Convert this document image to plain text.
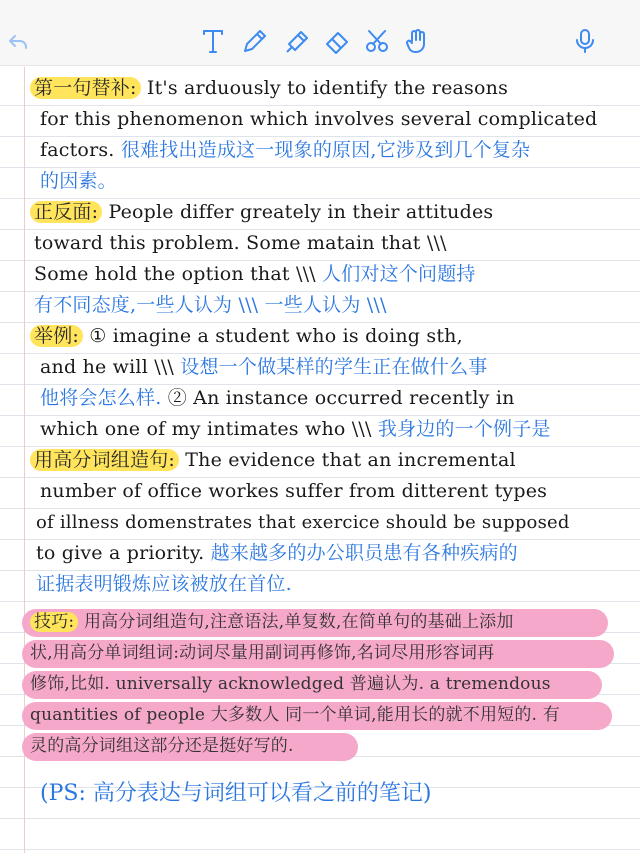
第一句替补: It's arduously to identify the reasons
for this phenomenon which involves several complicated
factors. 很难找出造成这一现象的原因,它涉及到几个复杂
的因素。
正反面: People differ greately in their attitudes
toward this problem. Some matain that \\\
Some hold the option that \\\ 人们对这个问题持
有不同态度,一些人认为 \\\ 一些人认为 \\\
举例: ① imagine a student who is doing sth,
and he will \\\ 设想一个做某样的学生正在做什么事
他将会怎么样. ② An instance occurred recently in
which one of my intimates who \\\ 我身边的一个例子是
用高分词组造句: The evidence that an incremental
number of office workes suffer from ditterent types
of illness domenstrates that exercice should be supposed
to give a priority. 越来越多的办公职员患有各种疾病的
证据表明锻炼应该被放在首位.
技巧: 用高分词组造句,注意语法,单复数,在简单句的基础上添加
状,用高分单词组词:动词尽量用副词再修饰,名词尽用形容词再
修饰,比如. universally acknowledged 普遍认为. a tremendous
quantities of people 大多数人 同一个单词,能用长的就不用短的. 有
灵的高分词组这部分还是挺好写的.
(PS: 高分表达与词组可以看之前的笔记)
